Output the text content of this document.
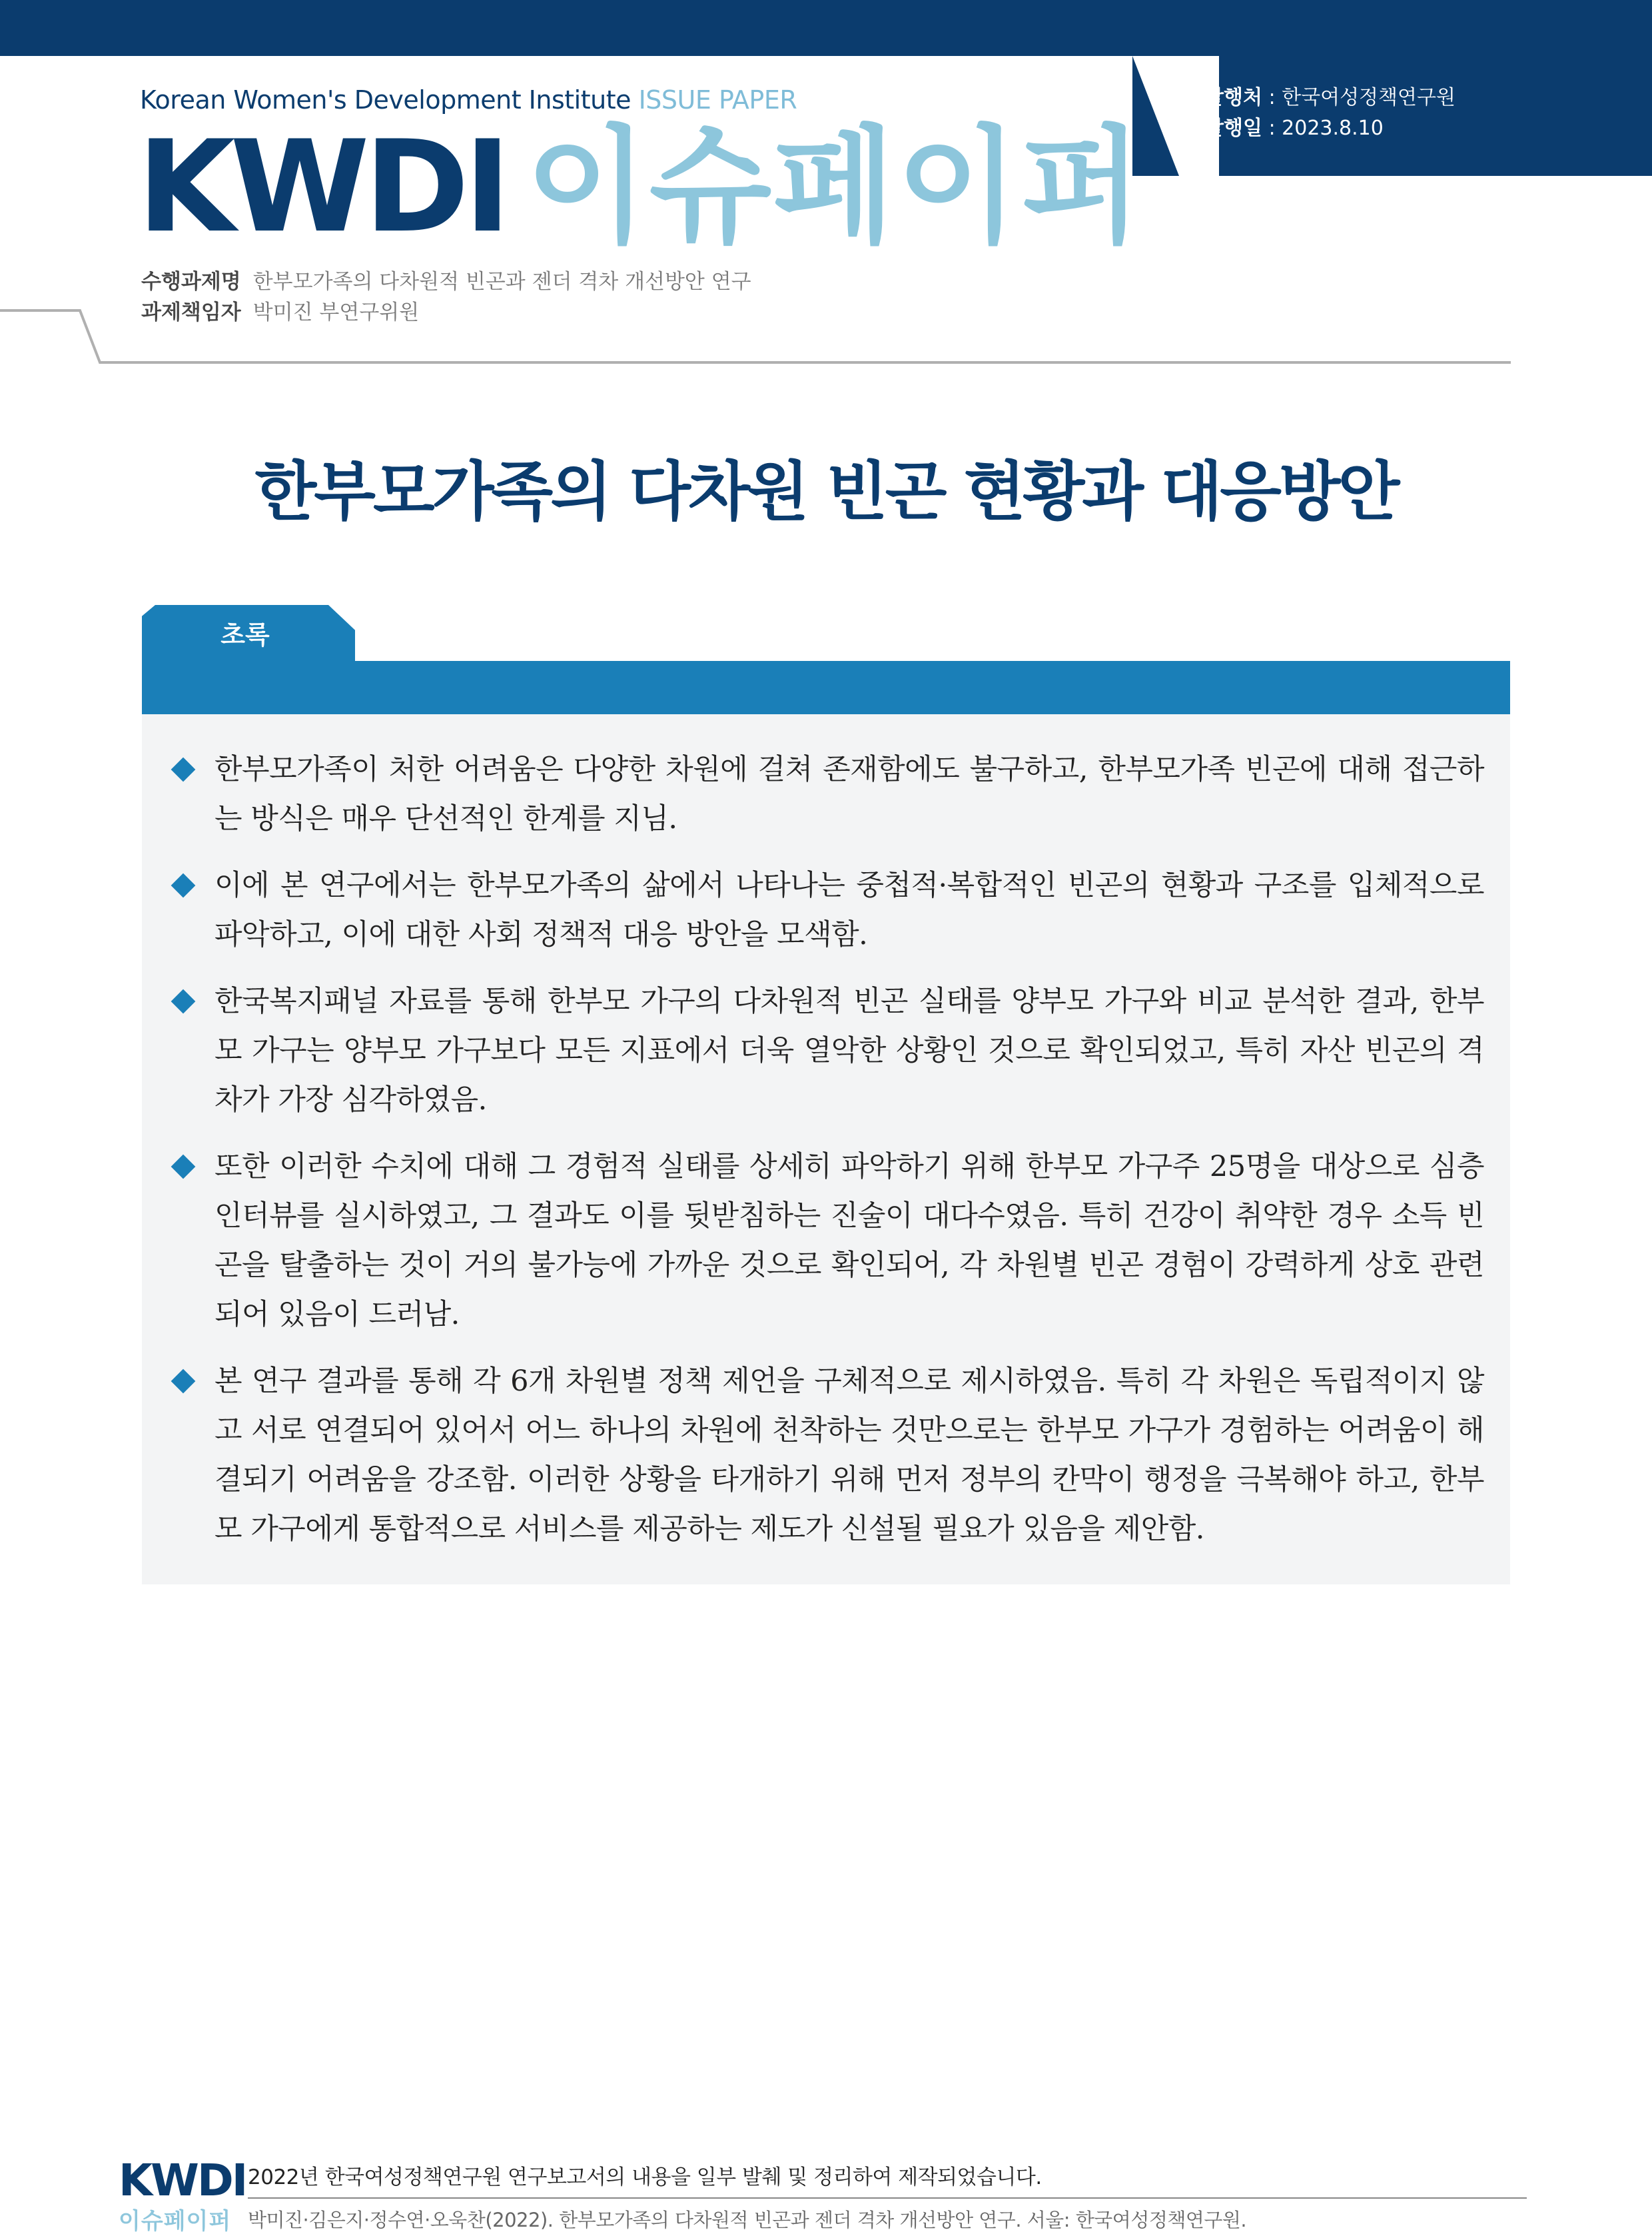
발행처 : 한국여성정책연구원
발행일 : 2023.8.10
Korean Women's Development Institute ISSUE PAPER
KWDI 이슈페이퍼
수행과제명 한부모가족의 다차원적 빈곤과 젠더 격차 개선방안 연구
과제책임자 박미진 부연구위원
한부모가족의 다차원 빈곤 현황과 대응방안
초록
한부모가족이 처한 어려움은 다양한 차원에 걸쳐 존재함에도 불구하고, 한부모가족 빈곤에 대해 접근하는 방식은 매우 단선적인 한계를 지님.
이에 본 연구에서는 한부모가족의 삶에서 나타나는 중첩적·복합적인 빈곤의 현황과 구조를 입체적으로 파악하고, 이에 대한 사회 정책적 대응 방안을 모색함.
한국복지패널 자료를 통해 한부모 가구의 다차원적 빈곤 실태를 양부모 가구와 비교 분석한 결과, 한부모 가구는 양부모 가구보다 모든 지표에서 더욱 열악한 상황인 것으로 확인되었고, 특히 자산 빈곤의 격차가 가장 심각하였음.
또한 이러한 수치에 대해 그 경험적 실태를 상세히 파악하기 위해 한부모 가구주 25명을 대상으로 심층인터뷰를 실시하였고, 그 결과도 이를 뒷받침하는 진술이 대다수였음. 특히 건강이 취약한 경우 소득 빈곤을 탈출하는 것이 거의 불가능에 가까운 것으로 확인되어, 각 차원별 빈곤 경험이 강력하게 상호 관련되어 있음이 드러남.
본 연구 결과를 통해 각 6개 차원별 정책 제언을 구체적으로 제시하였음. 특히 각 차원은 독립적이지 않고 서로 연결되어 있어서 어느 하나의 차원에 천착하는 것만으로는 한부모 가구가 경험하는 어려움이 해결되기 어려움을 강조함. 이러한 상황을 타개하기 위해 먼저 정부의 칸막이 행정을 극복해야 하고, 한부모 가구에게 통합적으로 서비스를 제공하는 제도가 신설될 필요가 있음을 제안함.
KWDI
이슈페이퍼
2022년 한국여성정책연구원 연구보고서의 내용을 일부 발췌 및 정리하여 제작되었습니다.
박미진·김은지·정수연·오욱찬(2022). 한부모가족의 다차원적 빈곤과 젠더 격차 개선방안 연구. 서울: 한국여성정책연구원.
